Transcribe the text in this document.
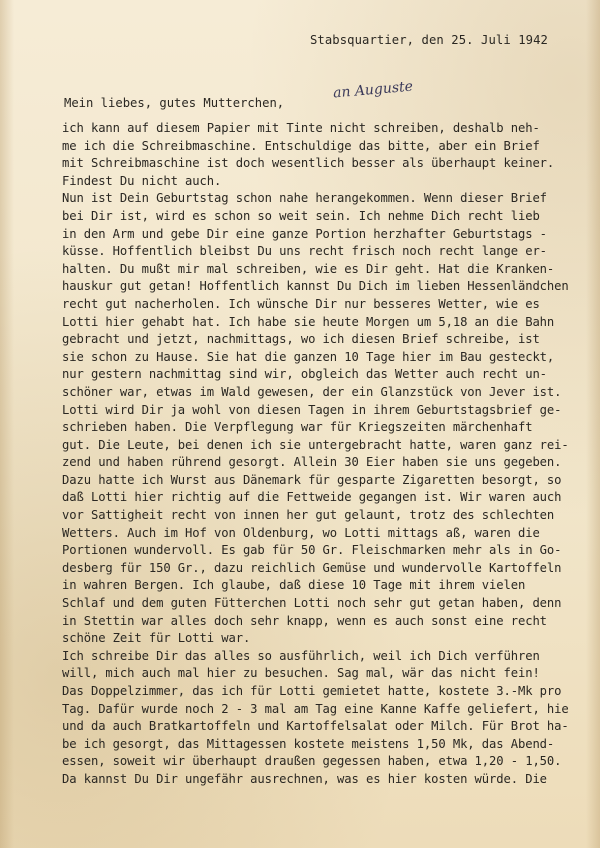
Stabsquartier, den 25. Juli 1942
an Auguste
Mein liebes, gutes Mutterchen,
ich kann auf diesem Papier mit Tinte nicht schreiben, deshalb neh-
me ich die Schreibmaschine. Entschuldige das bitte, aber ein Brief
mit Schreibmaschine ist doch wesentlich besser als überhaupt keiner.
Findest Du nicht auch.
Nun ist Dein Geburtstag schon nahe herangekommen. Wenn dieser Brief
bei Dir ist, wird es schon so weit sein. Ich nehme Dich recht lieb
in den Arm und gebe Dir eine ganze Portion herzhafter Geburtstags -
küsse. Hoffentlich bleibst Du uns recht frisch noch recht lange er-
halten. Du mußt mir mal schreiben, wie es Dir geht. Hat die Kranken-
hauskur gut getan! Hoffentlich kannst Du Dich im lieben Hessenländchen
recht gut nacherholen. Ich wünsche Dir nur besseres Wetter, wie es
Lotti hier gehabt hat. Ich habe sie heute Morgen um 5,18 an die Bahn
gebracht und jetzt, nachmittags, wo ich diesen Brief schreibe, ist
sie schon zu Hause. Sie hat die ganzen 10 Tage hier im Bau gesteckt,
nur gestern nachmittag sind wir, obgleich das Wetter auch recht un-
schöner war, etwas im Wald gewesen, der ein Glanzstück von Jever ist.
Lotti wird Dir ja wohl von diesen Tagen in ihrem Geburtstagsbrief ge-
schrieben haben. Die Verpflegung war für Kriegszeiten märchenhaft
gut. Die Leute, bei denen ich sie untergebracht hatte, waren ganz rei-
zend und haben rührend gesorgt. Allein 30 Eier haben sie uns gegeben.
Dazu hatte ich Wurst aus Dänemark für gesparte Zigaretten besorgt, so
daß Lotti hier richtig auf die Fettweide gegangen ist. Wir waren auch
vor Sattigheit recht von innen her gut gelaunt, trotz des schlechten
Wetters. Auch im Hof von Oldenburg, wo Lotti mittags aß, waren die
Portionen wundervoll. Es gab für 50 Gr. Fleischmarken mehr als in Go-
desberg für 150 Gr., dazu reichlich Gemüse und wundervolle Kartoffeln
in wahren Bergen. Ich glaube, daß diese 10 Tage mit ihrem vielen
Schlaf und dem guten Fütterchen Lotti noch sehr gut getan haben, denn
in Stettin war alles doch sehr knapp, wenn es auch sonst eine recht
schöne Zeit für Lotti war.
Ich schreibe Dir das alles so ausführlich, weil ich Dich verführen
will, mich auch mal hier zu besuchen. Sag mal, wär das nicht fein!
Das Doppelzimmer, das ich für Lotti gemietet hatte, kostete 3.-Mk pro
Tag. Dafür wurde noch 2 - 3 mal am Tag eine Kanne Kaffe geliefert, hie
und da auch Bratkartoffeln und Kartoffelsalat oder Milch. Für Brot ha-
be ich gesorgt, das Mittagessen kostete meistens 1,50 Mk, das Abend-
essen, soweit wir überhaupt draußen gegessen haben, etwa 1,20 - 1,50.
Da kannst Du Dir ungefähr ausrechnen, was es hier kosten würde. Die
